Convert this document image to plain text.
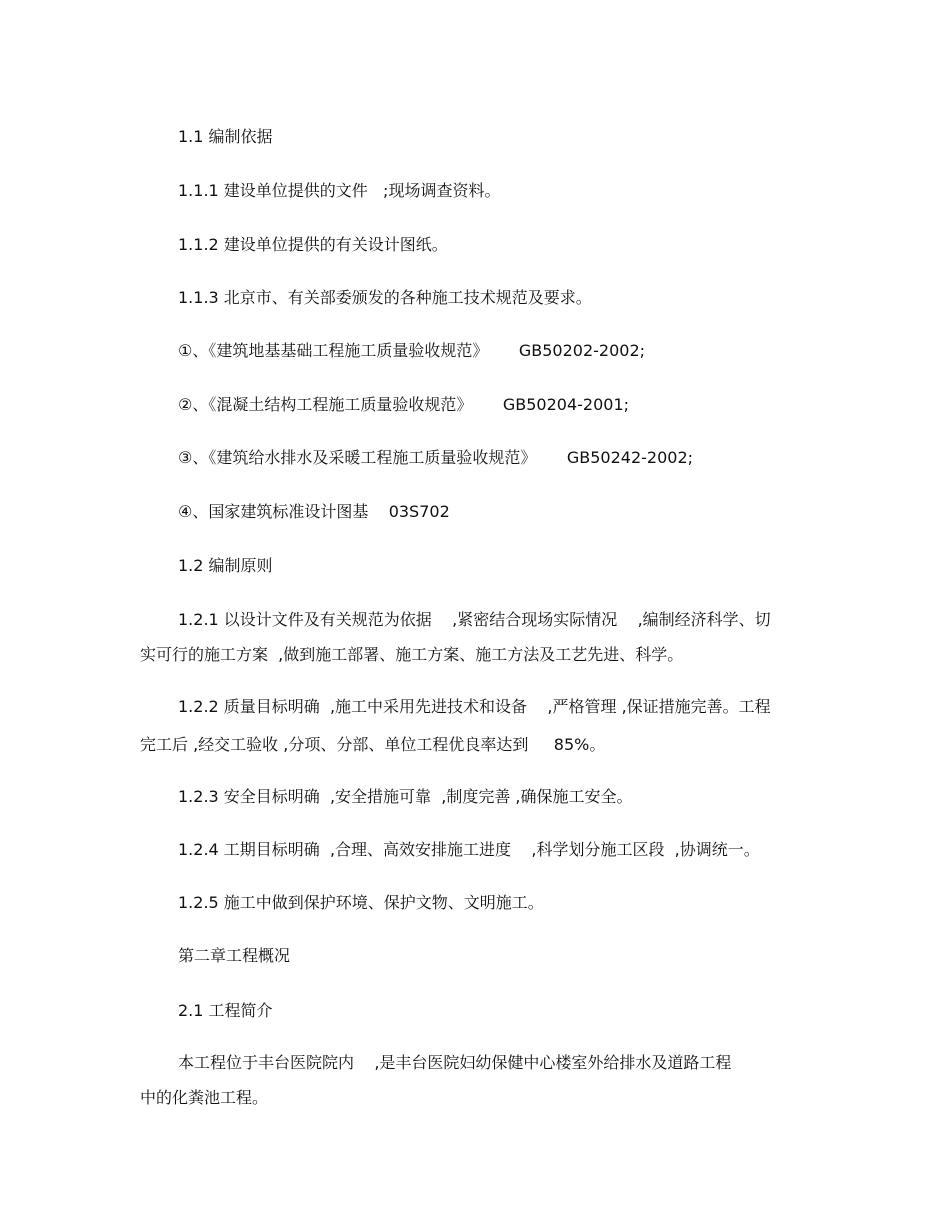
1.1 编制依据
1.1.1 建设单位提供的文件   ;现场调查资料。
1.1.2 建设单位提供的有关设计图纸。
1.1.3 北京市、有关部委颁发的各种施工技术规范及要求。
①、《建筑地基基础工程施工质量验收规范》      GB50202-2002;
②、《混凝土结构工程施工质量验收规范》      GB50204-2001;
③、《建筑给水排水及采暖工程施工质量验收规范》      GB50242-2002;
④、国家建筑标准设计图基    03S702
1.2 编制原则
1.2.1 以设计文件及有关规范为依据    ,紧密结合现场实际情况    ,编制经济科学、切
实可行的施工方案  ,做到施工部署、施工方案、施工方法及工艺先进、科学。
1.2.2 质量目标明确  ,施工中采用先进技术和设备    ,严格管理 ,保证措施完善。工程
完工后 ,经交工验收 ,分项、分部、单位工程优良率达到     85%。
1.2.3 安全目标明确  ,安全措施可靠  ,制度完善 ,确保施工安全。
1.2.4 工期目标明确  ,合理、高效安排施工进度    ,科学划分施工区段  ,协调统一。
1.2.5 施工中做到保护环境、保护文物、文明施工。
第二章工程概况
2.1 工程简介
本工程位于丰台医院院内    ,是丰台医院妇幼保健中心楼室外给排水及道路工程
中的化粪池工程。
